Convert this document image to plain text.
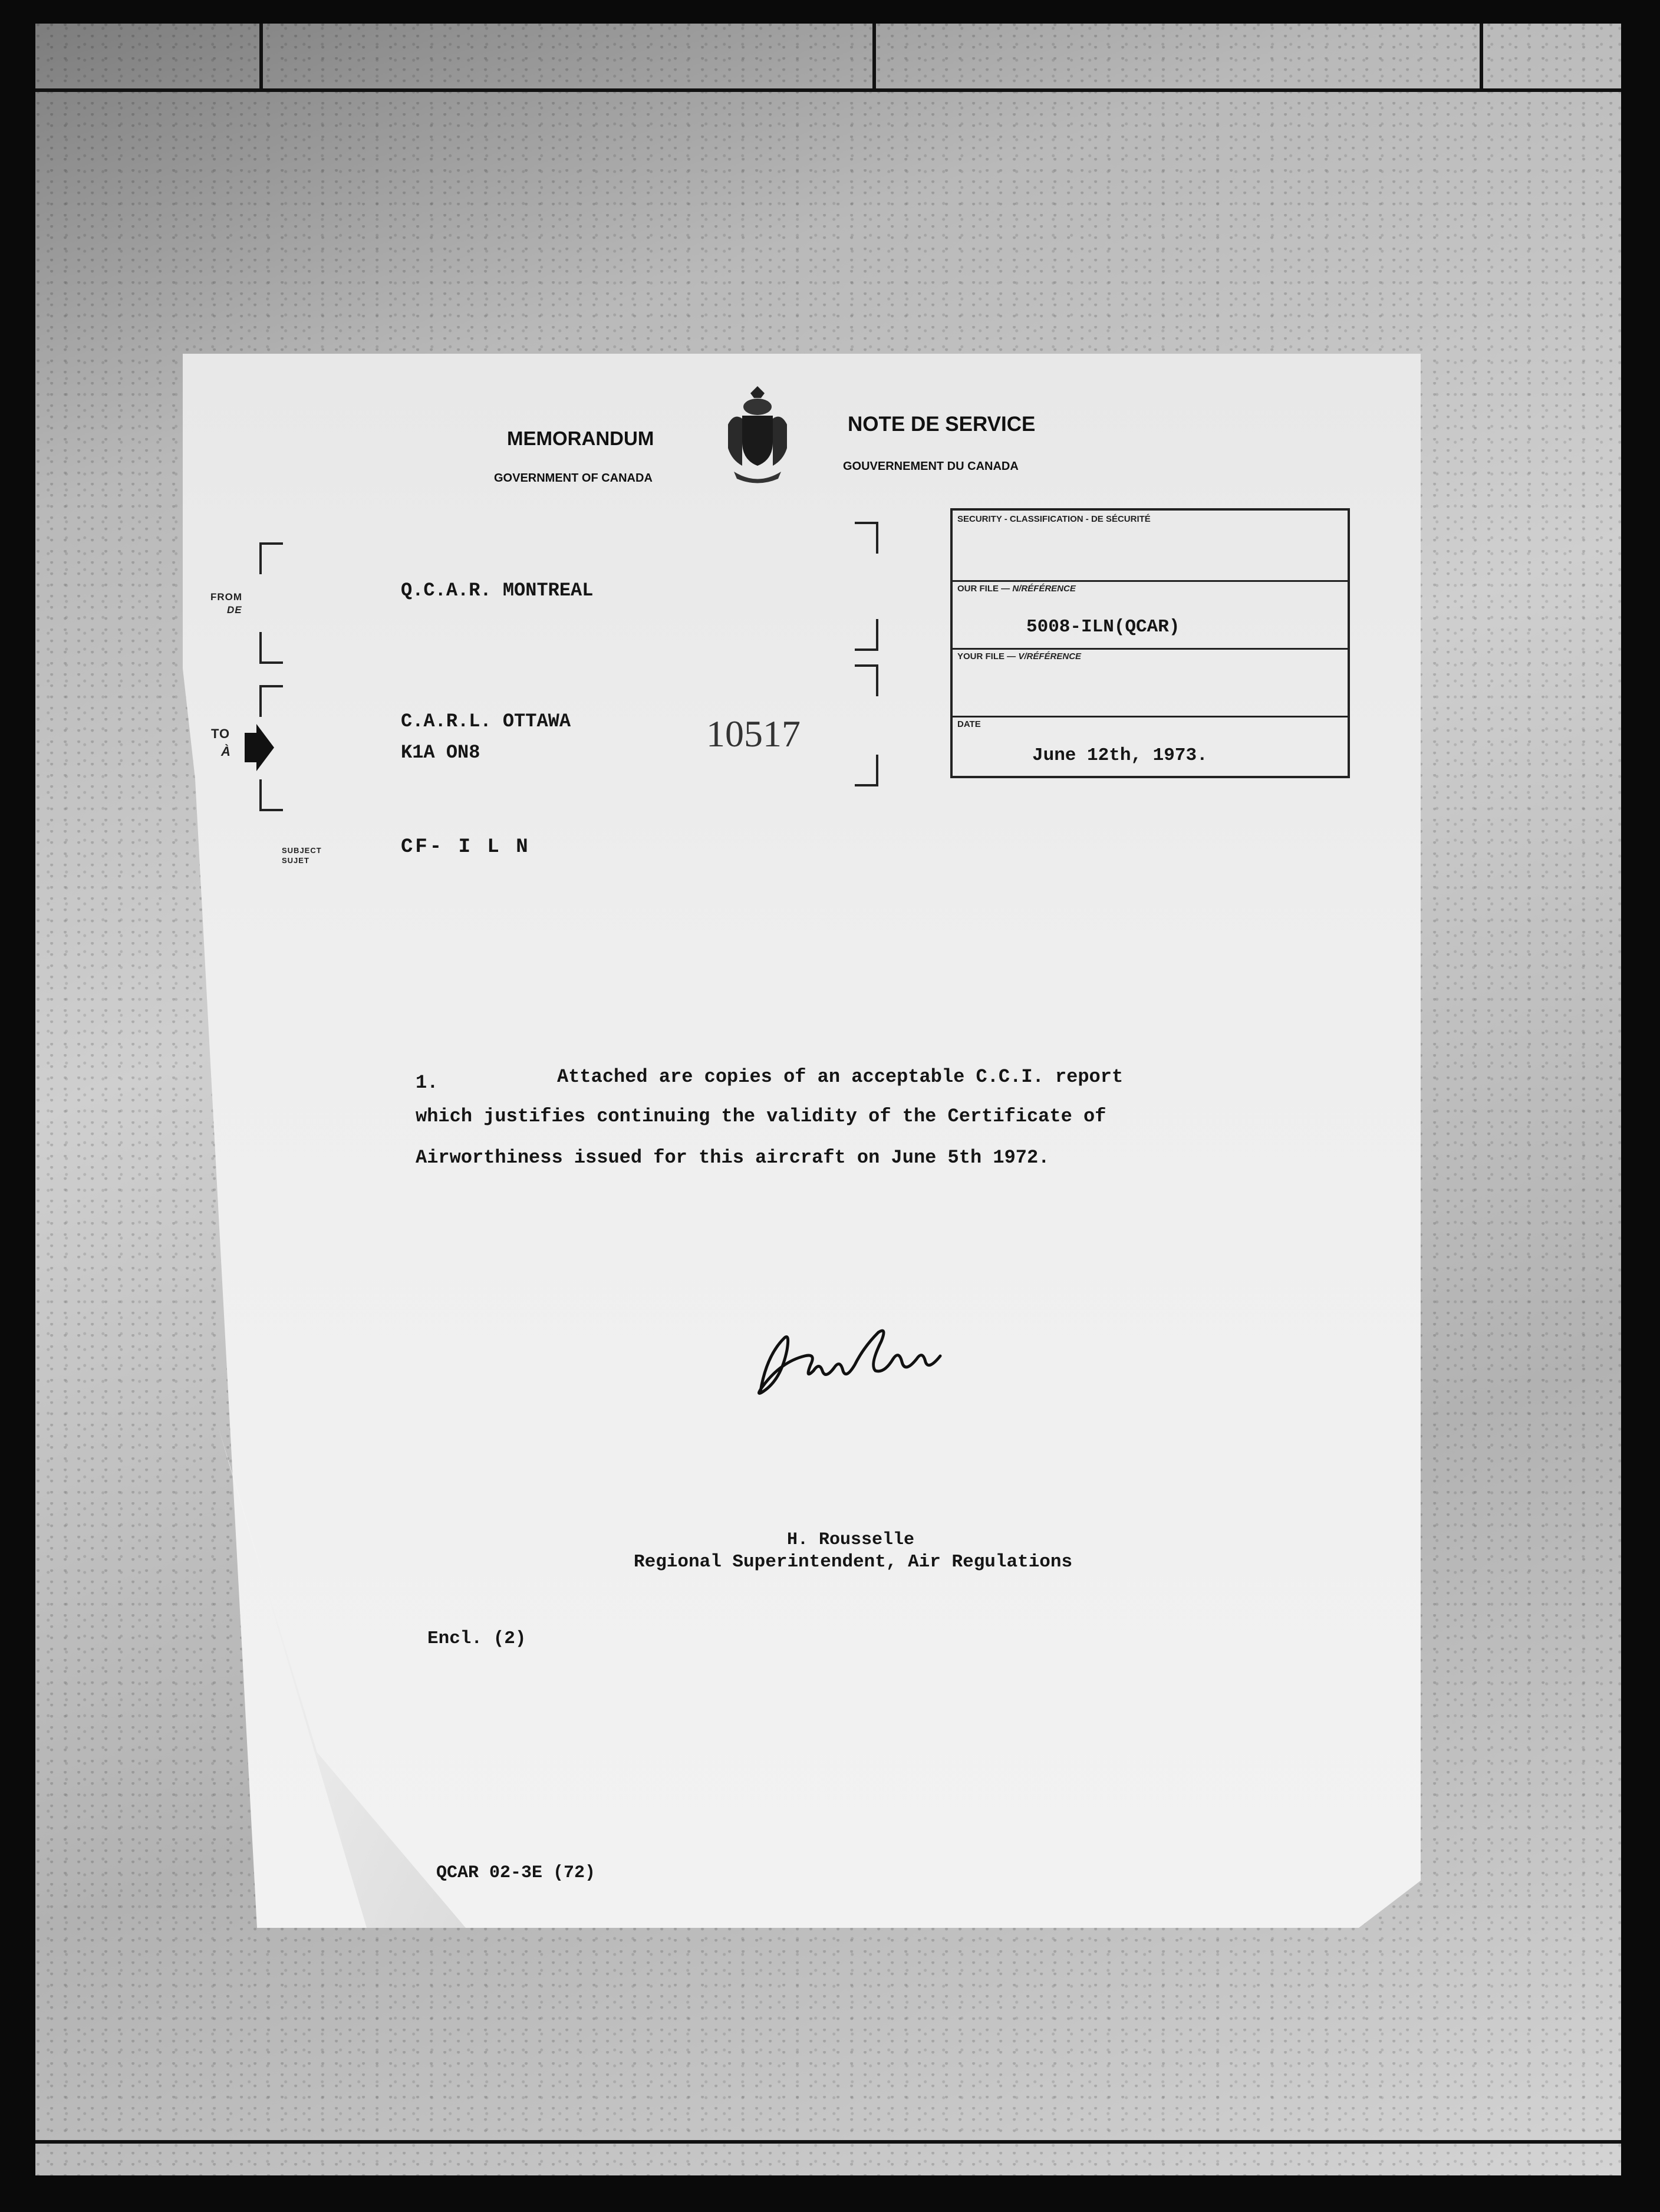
MEMORANDUM
GOVERNMENT OF CANADA
NOTE DE SERVICE
GOUVERNEMENT DU CANADA
FROM
DE
TO
À
SUBJECT
SUJET
Q.C.A.R. MONTREAL
C.A.R.L. OTTAWA
K1A ON8	10517
CF- I L N
SECURITY - CLASSIFICATION - DE SÉCURITÉ
OUR FILE — N/RÉFÉRENCE
5008-ILN(QCAR)
YOUR FILE — V/RÉFÉRENCE
DATE
June 12th, 1973.
1.	Attached are copies of an acceptable C.C.I. report
which justifies continuing the validity of the Certificate of
Airworthiness issued for this aircraft on June 5th 1972.
H. Rousselle
Regional Superintendent, Air Regulations
Encl. (2)
QCAR 02-3E (72)
